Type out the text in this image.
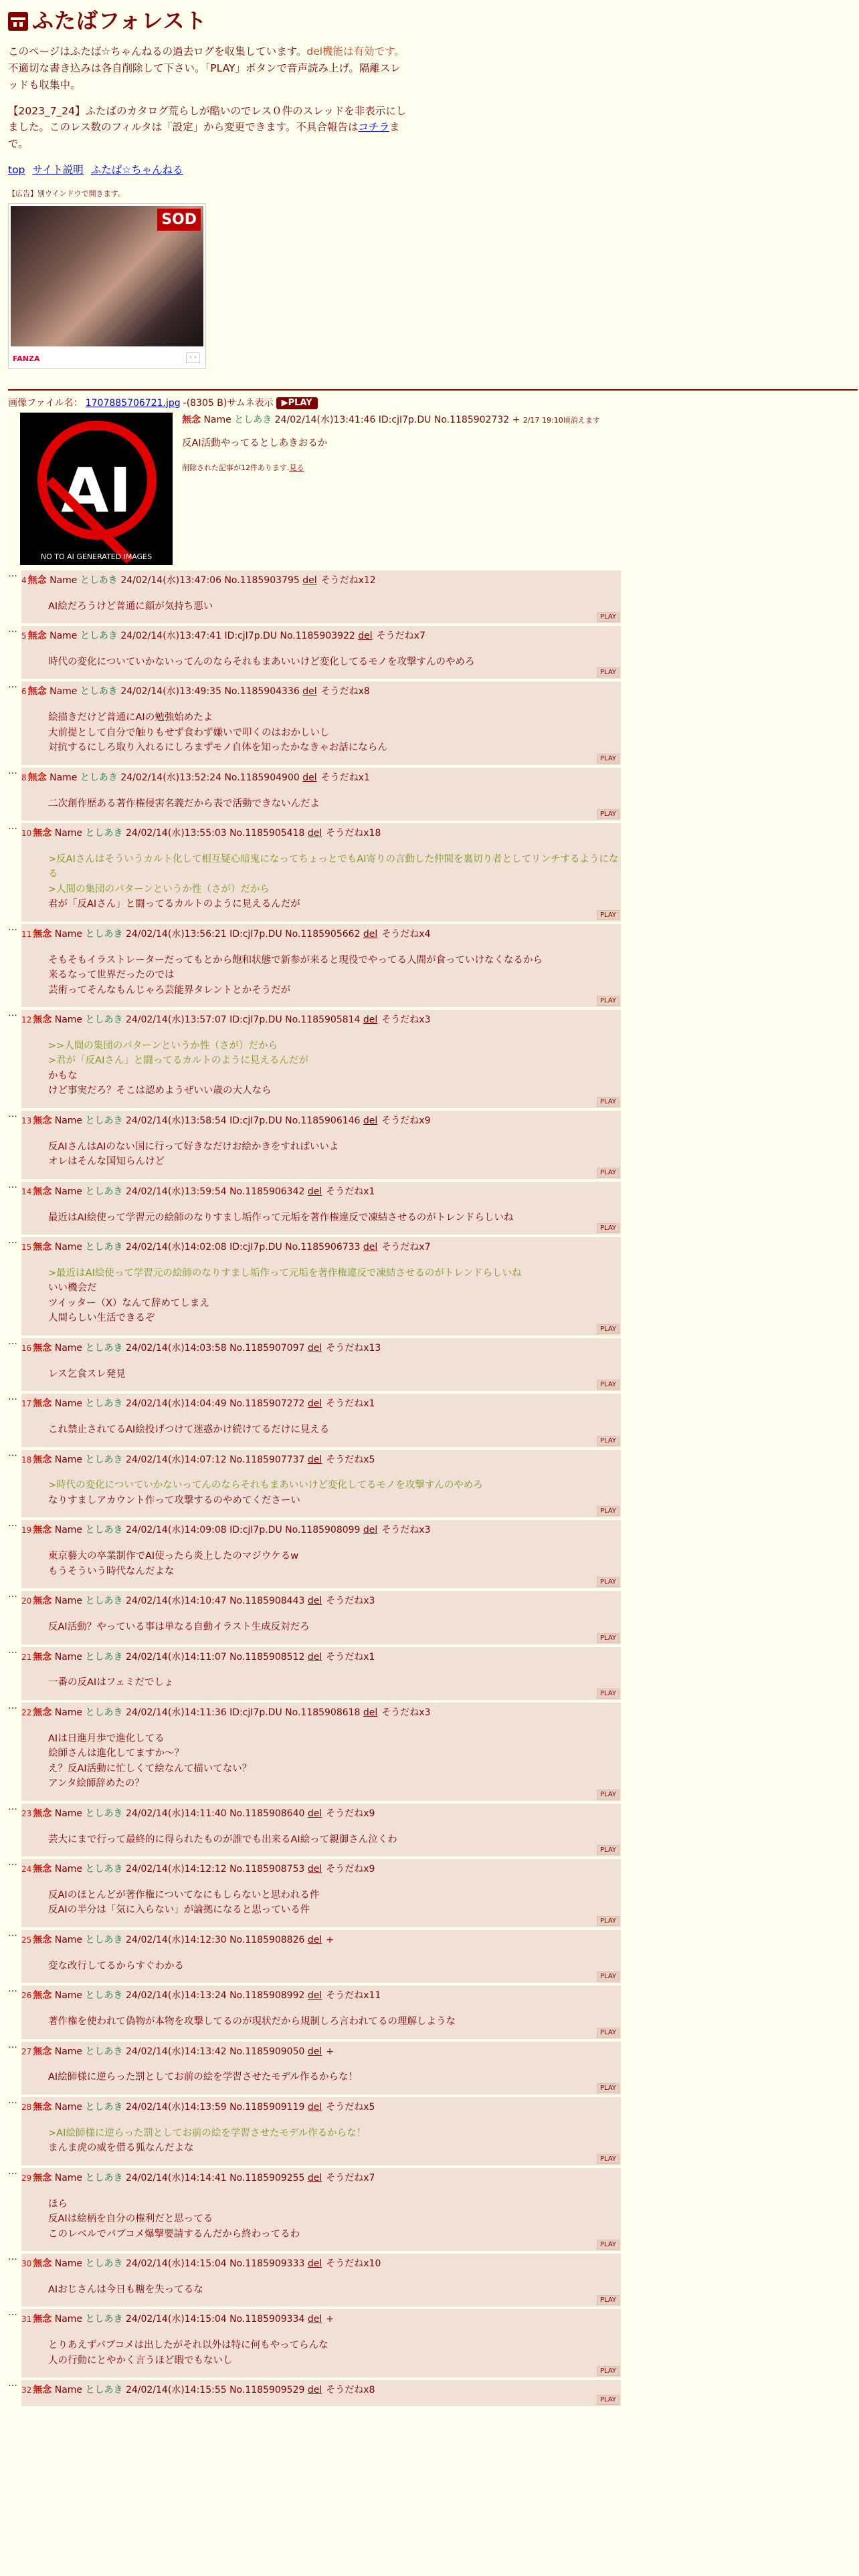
ふたばフォレスト
このページはふたば☆ちゃんねるの過去ログを収集しています。del機能は有効です。不適切な書き込みは各自削除して下さい。「PLAY」ボタンで音声読み上げ。隔離スレッドも収集中。
【2023_7_24】ふたばのカタログ荒らしが酷いのでレス０件のスレッドを非表示にしました。このレス数のフィルタは「設定」から変更できます。不具合報告はコチラまで。
top サイト説明 ふたば☆ちゃんねる
【広告】別ウインドウで開きます。
SOD
FANZA	‹ ›
画像ファイル名： 1707885706721.jpg -(8305 B)サムネ表示 ▶PLAY
AI
NO TO AI GENERATED IMAGES
無念 Name としあき 24/02/14(水)13:41:46 ID:cjI7p.DU No.1185902732 + 2/17 19:10頃消えます
反AI活動やってるとしあきおるか
削除された記事が12件あります.見る
…
4 無念 Name としあき 24/02/14(水)13:47:06 No.1185903795 del そうだねx12
AI絵だろうけど普通に顔が気持ち悪い
PLAY
…
5 無念 Name としあき 24/02/14(水)13:47:41 ID:cjI7p.DU No.1185903922 del そうだねx7
時代の変化についていかないってんのならそれもまあいいけど変化してるモノを攻撃すんのやめろ
PLAY
…
6 無念 Name としあき 24/02/14(水)13:49:35 No.1185904336 del そうだねx8
絵描きだけど普通にAIの勉強始めたよ
大前提として自分で触りもせず食わず嫌いで叩くのはおかしいし
対抗するにしろ取り入れるにしろまずモノ自体を知ったかなきゃお話にならん
PLAY
…
8 無念 Name としあき 24/02/14(水)13:52:24 No.1185904900 del そうだねx1
二次創作歴ある著作権侵害名義だから表で活動できないんだよ
PLAY
…
10 無念 Name としあき 24/02/14(水)13:55:03 No.1185905418 del そうだねx18
>反AIさんはそういうカルト化して相互疑心暗鬼になってちょっとでもAI寄りの言動した仲間を裏切り者としてリンチするようになる
>人間の集団のパターンというか性（さが）だから
君が「反AIさん」と闘ってるカルトのように見えるんだが
PLAY
…
11 無念 Name としあき 24/02/14(水)13:56:21 ID:cjI7p.DU No.1185905662 del そうだねx4
そもそもイラストレーターだってもとから飽和状態で新参が来ると現役でやってる人間が食っていけなくなるから
来るなって世界だったのでは
芸術ってそんなもんじゃろ芸能界タレントとかそうだが
PLAY
…
12 無念 Name としあき 24/02/14(水)13:57:07 ID:cjI7p.DU No.1185905814 del そうだねx3
>>人間の集団のパターンというか性（さが）だから
>君が「反AIさん」と闘ってるカルトのように見えるんだが
かもな
けど事実だろ？そこは認めようぜいい歳の大人なら
PLAY
…
13 無念 Name としあき 24/02/14(水)13:58:54 ID:cjI7p.DU No.1185906146 del そうだねx9
反AIさんはAIのない国に行って好きなだけお絵かきをすればいいよ
オレはそんな国知らんけど
PLAY
…
14 無念 Name としあき 24/02/14(水)13:59:54 No.1185906342 del そうだねx1
最近はAI絵使って学習元の絵師のなりすまし垢作って元垢を著作権違反で凍結させるのがトレンドらしいね
PLAY
…
15 無念 Name としあき 24/02/14(水)14:02:08 ID:cjI7p.DU No.1185906733 del そうだねx7
>最近はAI絵使って学習元の絵師のなりすまし垢作って元垢を著作権違反で凍結させるのがトレンドらしいね
いい機会だ
ツイッター（X）なんて辞めてしまえ
人間らしい生活できるぞ
PLAY
…
16 無念 Name としあき 24/02/14(水)14:03:58 No.1185907097 del そうだねx13
レス乞食スレ発見
PLAY
…
17 無念 Name としあき 24/02/14(水)14:04:49 No.1185907272 del そうだねx1
これ禁止されてるAI絵投げつけて迷惑かけ続けてるだけに見える
PLAY
…
18 無念 Name としあき 24/02/14(水)14:07:12 No.1185907737 del そうだねx5
>時代の変化についていかないってんのならそれもまあいいけど変化してるモノを攻撃すんのやめろ
なりすましアカウント作って攻撃するのやめてくださーい
PLAY
…
19 無念 Name としあき 24/02/14(水)14:09:08 ID:cjI7p.DU No.1185908099 del そうだねx3
東京藝大の卒業制作でAI使ったら炎上したのマジウケるw
もうそういう時代なんだよな
PLAY
…
20 無念 Name としあき 24/02/14(水)14:10:47 No.1185908443 del そうだねx3
反AI活動？やっている事は単なる自動イラスト生成反対だろ
PLAY
…
21 無念 Name としあき 24/02/14(水)14:11:07 No.1185908512 del そうだねx1
一番の反AIはフェミだでしょ
PLAY
…
22 無念 Name としあき 24/02/14(水)14:11:36 ID:cjI7p.DU No.1185908618 del そうだねx3
AIは日進月歩で進化してる
絵師さんは進化してますか～？
え？反AI活動に忙しくて絵なんて描いてない？
アンタ絵師辞めたの？
PLAY
…
23 無念 Name としあき 24/02/14(水)14:11:40 No.1185908640 del そうだねx9
芸大にまで行って最終的に得られたものが誰でも出来るAI絵って親御さん泣くわ
PLAY
…
24 無念 Name としあき 24/02/14(水)14:12:12 No.1185908753 del そうだねx9
反AIのほとんどが著作権についてなにもしらないと思われる件
反AIの半分は「気に入らない」が論拠になると思っている件
PLAY
…
25 無念 Name としあき 24/02/14(水)14:12:30 No.1185908826 del +
変な改行してるからすぐわかる
PLAY
…
26 無念 Name としあき 24/02/14(水)14:13:24 No.1185908992 del そうだねx11
著作権を使われて偽物が本物を攻撃してるのが現状だから規制しろ言われてるの理解しような
PLAY
…
27 無念 Name としあき 24/02/14(水)14:13:42 No.1185909050 del +
AI絵師様に逆らった罰としてお前の絵を学習させたモデル作るからな！
PLAY
…
28 無念 Name としあき 24/02/14(水)14:13:59 No.1185909119 del そうだねx5
>AI絵師様に逆らった罰としてお前の絵を学習させたモデル作るからな！
まんま虎の威を借る狐なんだよな
PLAY
…
29 無念 Name としあき 24/02/14(水)14:14:41 No.1185909255 del そうだねx7
ほら
反AIは絵柄を自分の権利だと思ってる
このレベルでパブコメ爆撃要請するんだから終わってるわ
PLAY
…
30 無念 Name としあき 24/02/14(水)14:15:04 No.1185909333 del そうだねx10
AIおじさんは今日も糖を失ってるな
PLAY
…
31 無念 Name としあき 24/02/14(水)14:15:04 No.1185909334 del +
とりあえずパブコメは出したがそれ以外は特に何もやってらんな
人の行動にとやかく言うほど暇でもないし
PLAY
…
32 無念 Name としあき 24/02/14(水)14:15:55 No.1185909529 del そうだねx8
PLAY
